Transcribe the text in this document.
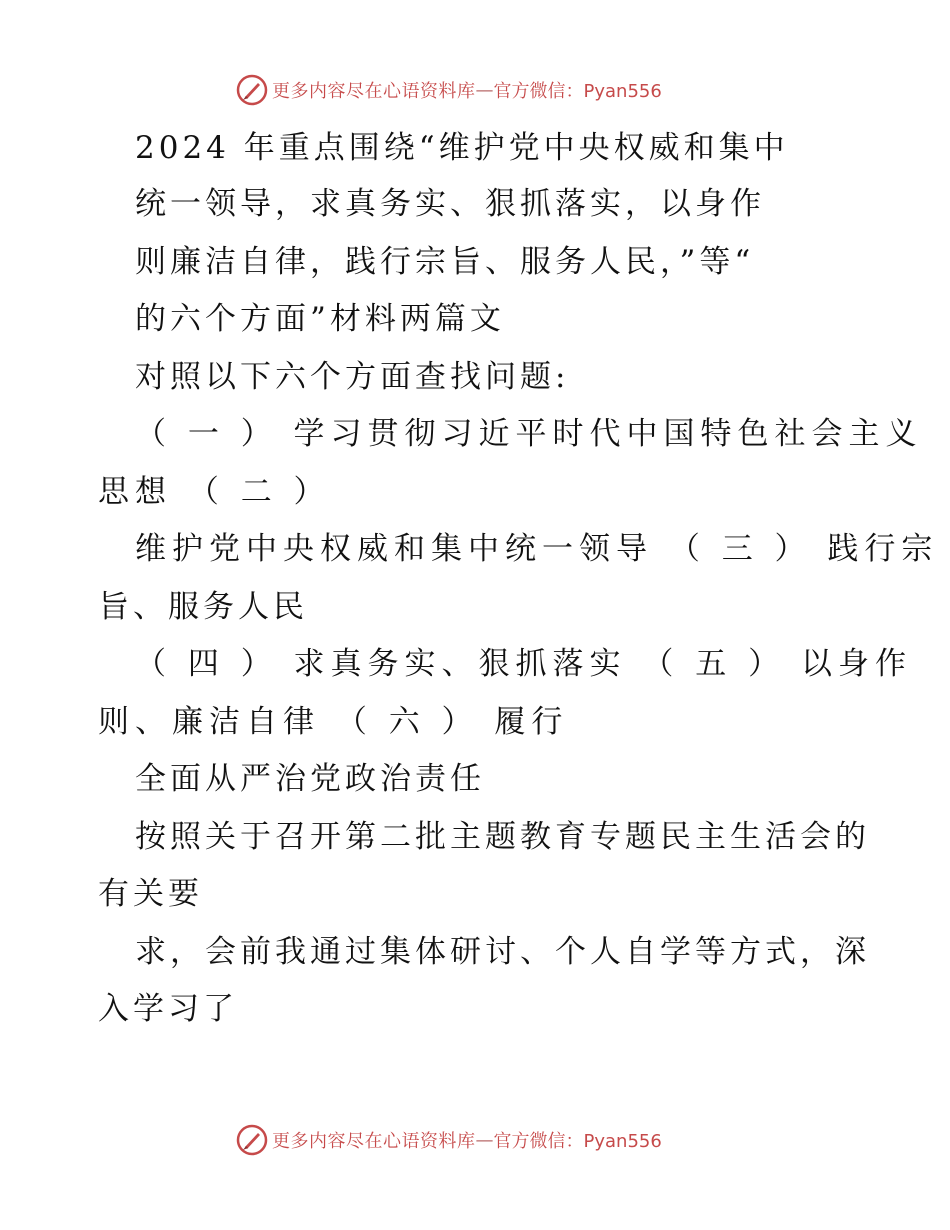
更多内容尽在心语资料库 — 官方微信：Pyan556
2024 年重点围绕“维护党中央权威和集中
统一领导，求真务实、狠抓落实，以身作
则廉洁自律，践行宗旨、服务人民，”等“
的六个方面”材料两篇文
对照以下六个方面查找问题:
（ 一 ） 学习贯彻习近平时代中国特色社会主义
思想 （ 二 ）
维护党中央权威和集中统一领导 （ 三 ） 践行宗
旨、服务人民
（ 四 ） 求真务实、狠抓落实 （ 五 ） 以身作
则、廉洁自律 （ 六 ） 履行
全面从严治党政治责任
按照关于召开第二批主题教育专题民主生活会的
有关要
求，会前我通过集体研讨、个人自学等方式，深
入学习了
更多内容尽在心语资料库 — 官方微信：Pyan556
